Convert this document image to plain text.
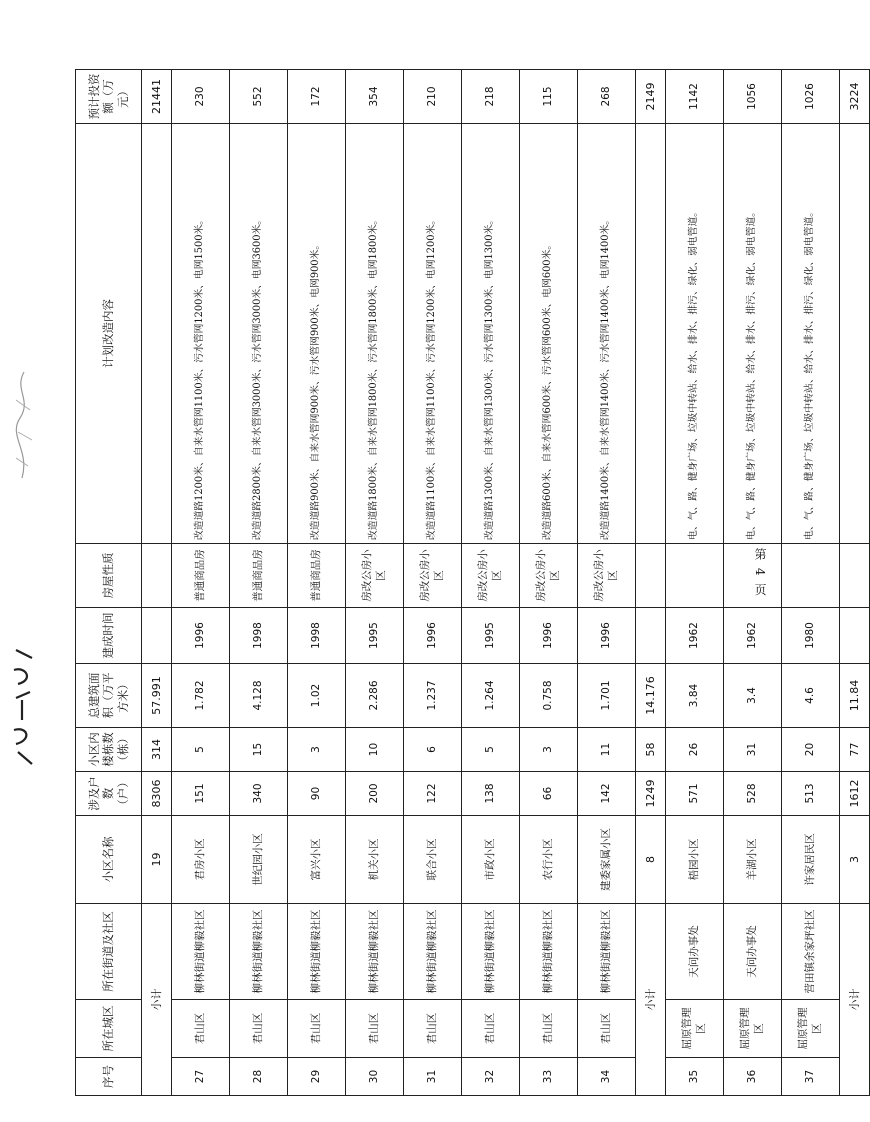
序号	所在城区	所在街道及社区	小区名称	涉及户数（户）	小区内楼栋数（栋）	总建筑面积（万平方米）	建成时间	房屋性质	计划改造内容	预计投资额（万元）
小计			19	8306	314	57.991				21441
27	君山区	柳林街道柳毅社区	君房小区	151	5	1.782	1996	普通商品房	改造道路1200米、自来水管网1100米、污水管网1200米、电网1500米。	230
28	君山区	柳林街道柳毅社区	世纪园小区	340	15	4.128	1998	普通商品房	改造道路2800米、自来水管网3000米、污水管网3000米、电网3600米。	552
29	君山区	柳林街道柳毅社区	富兴小区	90	3	1.02	1998	普通商品房	改造道路900米、自来水管网900米、污水管网900米、电网900米。	172
30	君山区	柳林街道柳毅社区	机关小区	200	10	2.286	1995	房改公房小区	改造道路1800米、自来水管网1800米、污水管网1800米、电网1800米。	354
31	君山区	柳林街道柳毅社区	联合小区	122	6	1.237	1996	房改公房小区	改造道路1100米、自来水管网1100米、污水管网1200米、电网1200米。	210
32	君山区	柳林街道柳毅社区	市政小区	138	5	1.264	1995	房改公房小区	改造道路1300米、自来水管网1300米、污水管网1300米、电网1300米。	218
33	君山区	柳林街道柳毅社区	农行小区	66	3	0.758	1996	房改公房小区	改造道路600米、自来水管网600米、污水管网600米、电网600米。	115
34	君山区	柳林街道柳毅社区	建委家属小区	142	11	1.701	1996	房改公房小区	改造道路1400米、自来水管网1400米、污水管网1400米、电网1400米。	268
小计			8	1249	58	14.176				2149
35	屈原管理区	天问办事处	梧园小区	571	26	3.84	1962		电、气、路、健身广场、垃圾中转站、给水、排水、排污、绿化、弱电管道。	1142
36	屈原管理区	天问办事处	羊湖小区	528	31	3.4	1962		电、气、路、健身广场、垃圾中转站、给水、排水、排污、绿化、弱电管道。	1056
37	屈原管理区	营田镇余家坪社区	许家居民区	513	20	4.6	1980		电、气、路、健身广场、垃圾中转站、给水、排水、排污、绿化、弱电管道。	1026
小计			3	1612	77	11.84				3224
第 4 页
